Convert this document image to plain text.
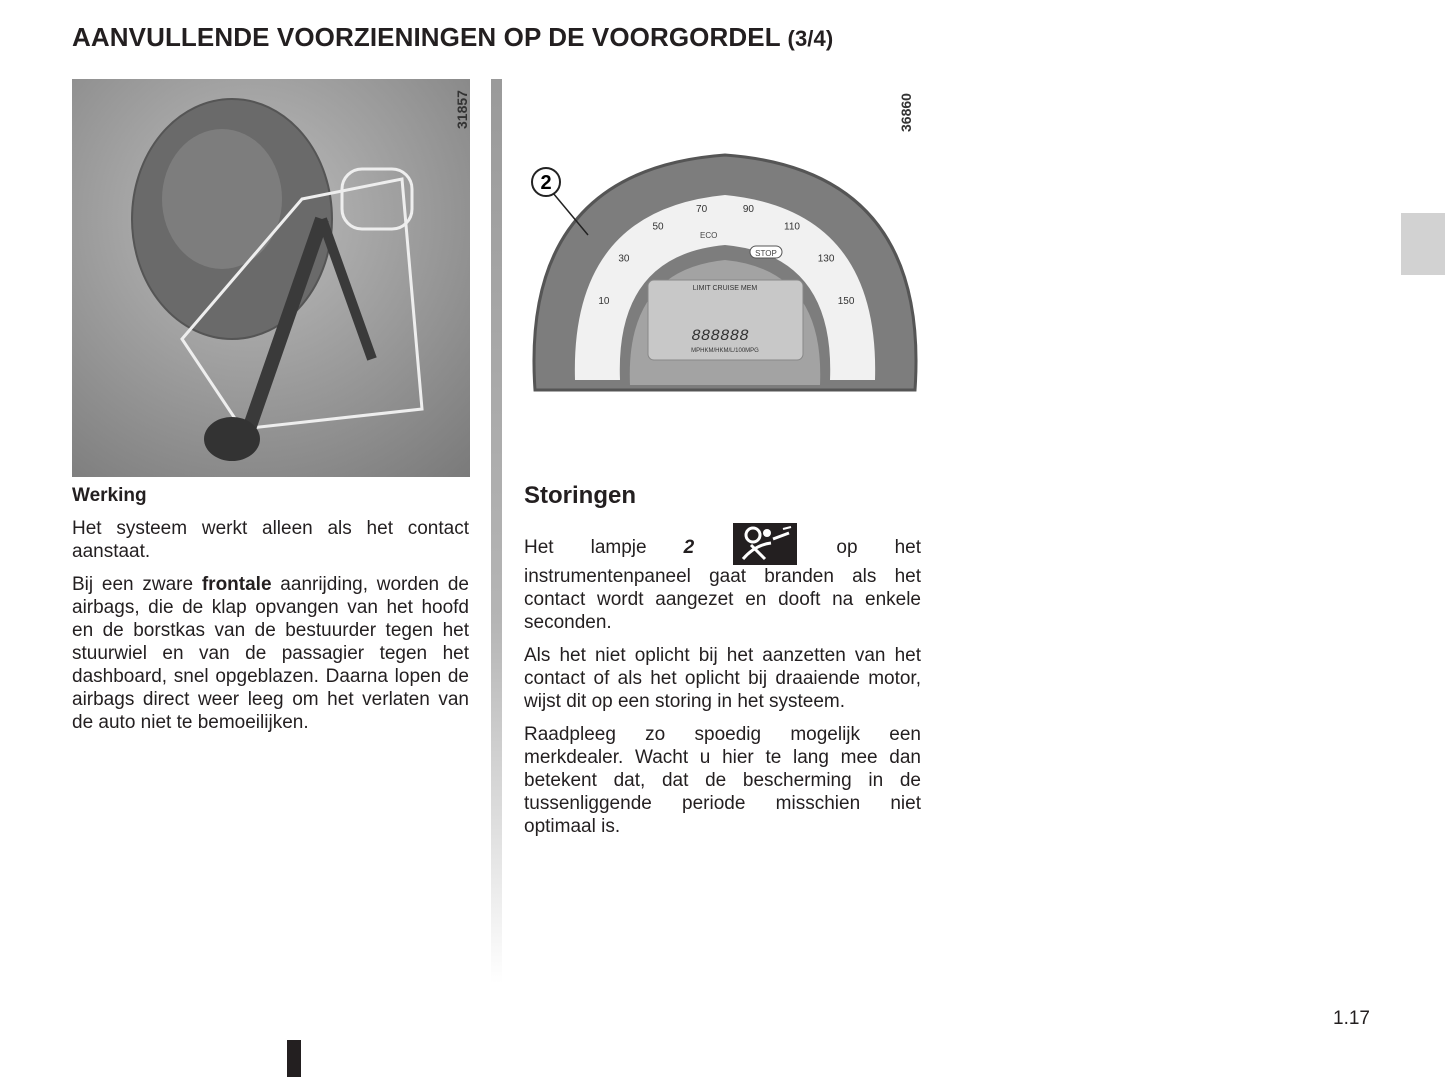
AANVULLENDE VOORZIENINGEN OP DE VOORGORDEL (3/4)
31857
2
10
30
50
70	90
110
130
150
ECO
STOP
LIMIT CRUISE MEM
888888
MPHKM/HKM/L/100MPG
36860
Werking

Het systeem werkt alleen als het contact aanstaat.

Bij een zware frontale aanrijding, worden de airbags, die de klap opvangen van het hoofd en de borstkas van de bestuurder tegen het stuurwiel en van de passagier tegen het dashboard, snel opgeblazen. Daarna lopen de airbags direct weer leeg om het verlaten van de auto niet te bemoeilijken.

Storingen

Het lampje 2	op het instrumentenpaneel gaat branden als het contact wordt aangezet en dooft na enkele seconden.

Als het niet oplicht bij het aanzetten van het contact of als het oplicht bij draaiende motor, wijst dit op een storing in het systeem.

Raadpleeg zo spoedig mogelijk een merkdealer. Wacht u hier te lang mee dan betekent dat, dat de bescherming in de tussenliggende periode misschien niet optimaal is.

1.17
